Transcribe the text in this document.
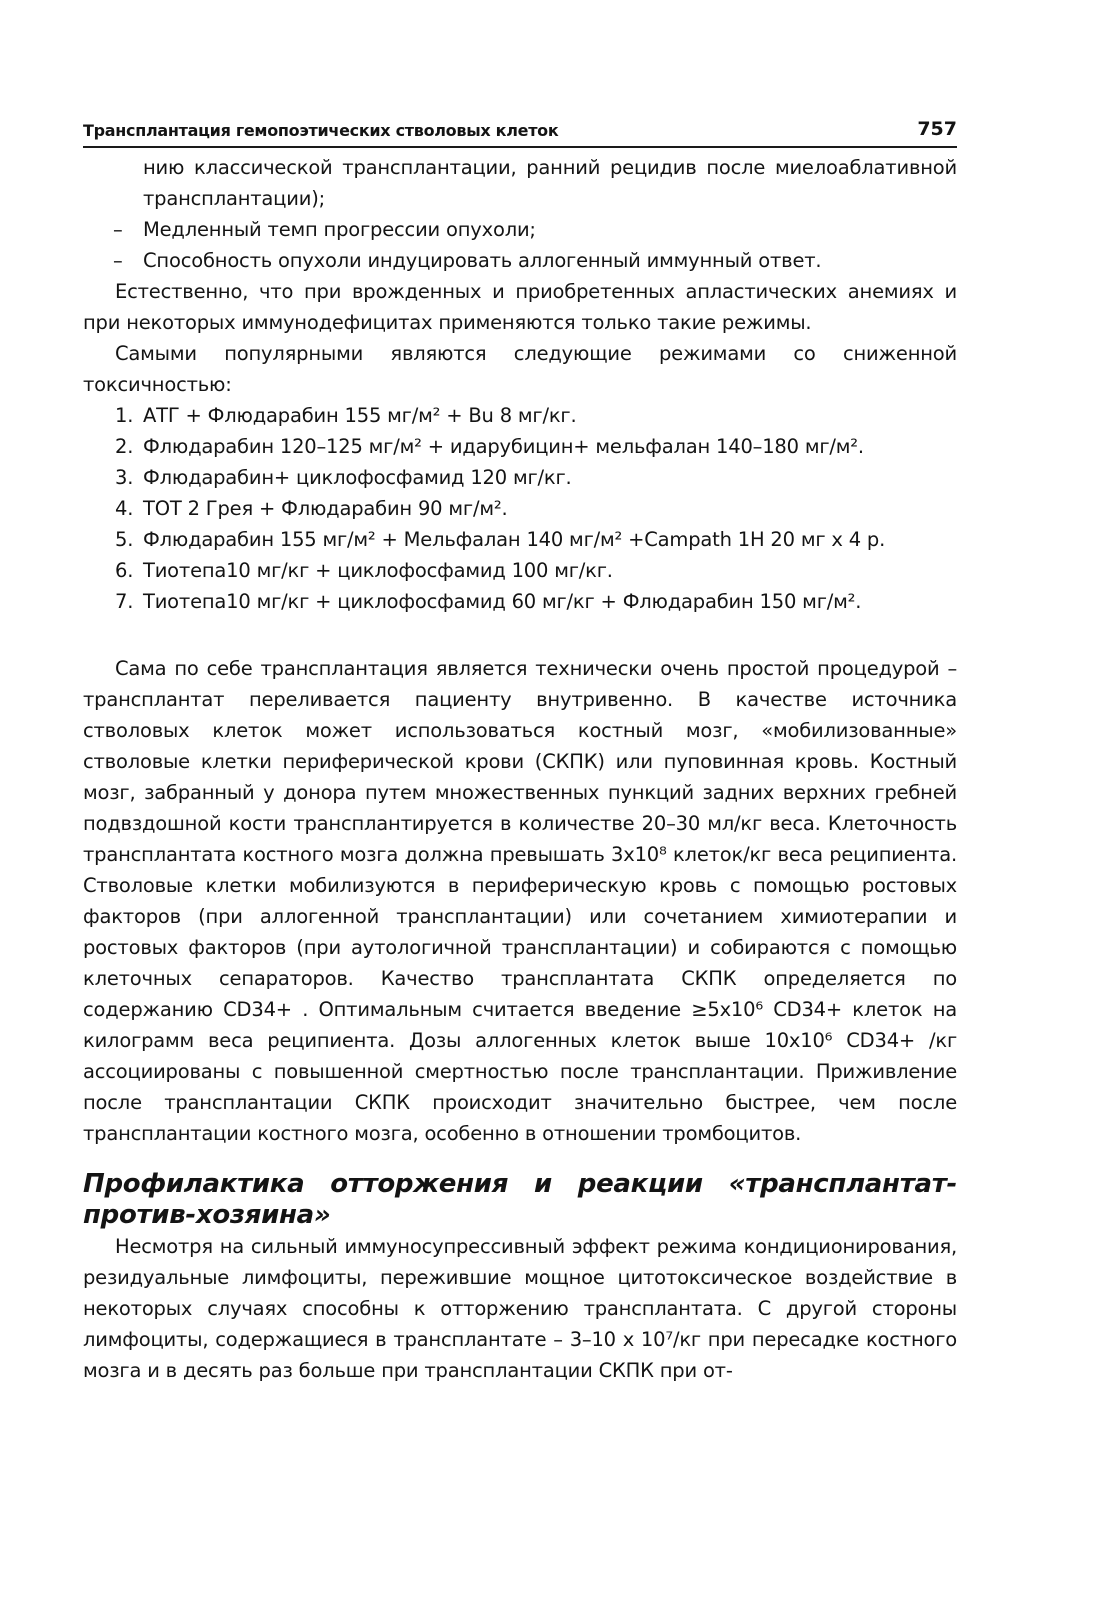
Трансплантация гемопоэтических стволовых клеток	757
нию классической трансплантации, ранний рецидив после миелоаблативной трансплантации);
–	Медленный темп прогрессии опухоли;
–	Способность опухоли индуцировать аллогенный иммунный ответ.

Естественно, что при врожденных и приобретенных апластических анемиях и при некоторых иммунодефицитах применяются только такие режимы.

Самыми популярными являются следующие режимами со сниженной токсичностью:

1. АТГ + Флюдарабин 155 мг/м² + Bu 8 мг/кг.
2. Флюдарабин 120–125 мг/м² + идарубицин+ мельфалан 140–180 мг/м².
3. Флюдарабин+ циклофосфамид 120 мг/кг.
4. TOT 2 Грея + Флюдарабин 90 мг/м².
5. Флюдарабин 155 мг/м² + Мельфалан 140 мг/м² +Campath 1H 20 мг х 4 р.
6. Тиотепа10 мг/кг + циклофосфамид 100 мг/кг.
7. Тиотепа10 мг/кг + циклофосфамид 60 мг/кг + Флюдарабин 150 мг/м².

Сама по себе трансплантация является технически очень простой процедурой – трансплантат переливается пациенту внутривенно. В качестве источника стволовых клеток может использоваться костный мозг, «мобилизованные» стволовые клетки периферической крови (СКПК) или пуповинная кровь. Костный мозг, забранный у донора путем множественных пункций задних верхних гребней подвздошной кости трансплантируется в количестве 20–30 мл/кг веса. Клеточность трансплантата костного мозга должна превышать 3х10⁸ клеток/кг веса реципиента. Стволовые клетки мобилизуются в периферическую кровь с помощью ростовых факторов (при аллогенной трансплантации) или сочетанием химиотерапии и ростовых факторов (при аутологичной трансплантации) и собираются с помощью клеточных сепараторов. Качество трансплантата СКПК определяется по содержанию CD34+ . Оптимальным считается введение ≥5х10⁶ CD34+ клеток на килограмм веса реципиента. Дозы аллогенных клеток выше 10х10⁶ CD34+ /кг ассоциированы с повышенной смертностью после трансплантации. Приживление после трансплантации СКПК происходит значительно быстрее, чем после трансплантации костного мозга, особенно в отношении тромбоцитов.

Профилактика отторжения и реакции «трансплантат-против-хозяина»

Несмотря на сильный иммуносупрессивный эффект режима кондиционирования, резидуальные лимфоциты, пережившие мощное цитотоксическое воздействие в некоторых случаях способны к отторжению трансплантата. С другой стороны лимфоциты, содержащиеся в трансплантате – 3–10 х 10⁷/кг при пересадке костного мозга и в десять раз больше при трансплантации СКПК при от-
